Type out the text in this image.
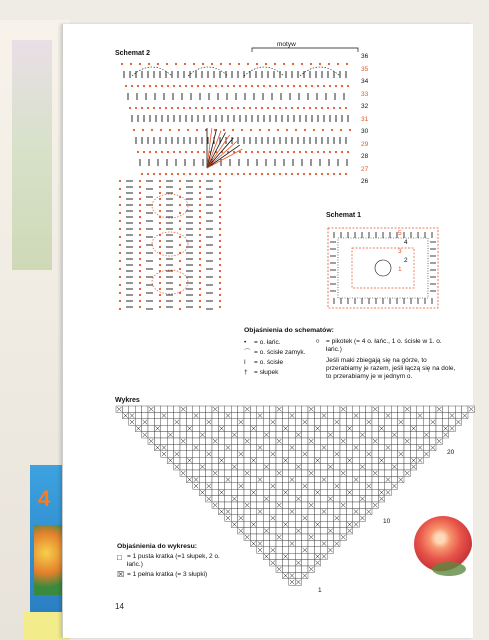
4
Schemat 2
motyw
36
35
34
33
32
31
30
29
28
27
26
Schemat 1
5
4
3
2
1
Objaśnienia do schematów:
• = o. łańc.
⌒ = o. ścisłe zamyk.
ǀ = o. ścisłe
† = słupek
ᴼ	= pikotek (= 4 o. łańc., 1 o. ścisłe w 1. o. łańc.)
Jeśli maki zbiegają się na górze, to przerabiamy je razem, jeśli łączą się na dole, to przerabiamy je w jednym o.
Wykres
20
10
1
Objaśnienia do wykresu:
□ = 1 pusta kratka (=1 słupek, 2 o. łańc.)
☒ = 1 pełna kratka (= 3 słupki)
14
